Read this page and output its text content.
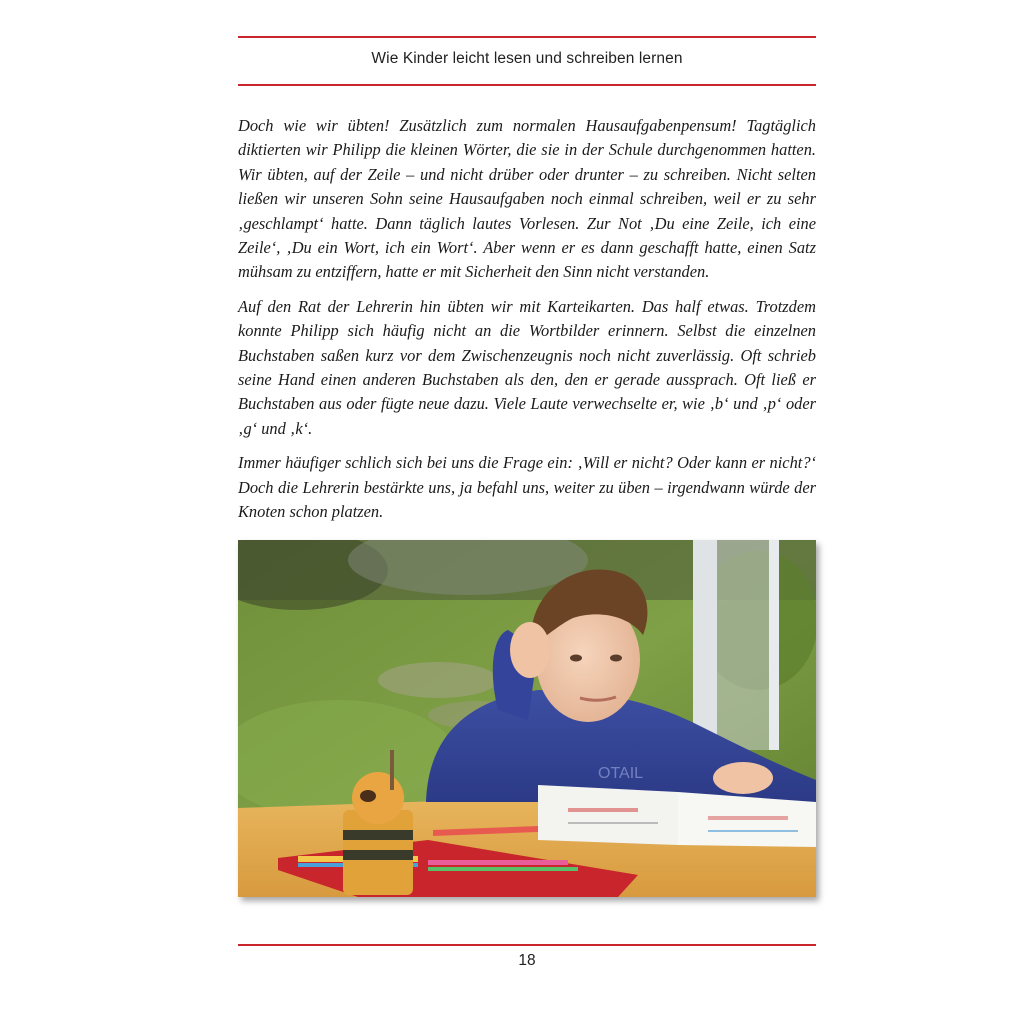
Wie Kinder leicht lesen und schreiben lernen

Doch wie wir übten! Zusätzlich zum normalen Hausaufgabenpensum! Tagtäglich diktierten wir Philipp die kleinen Wörter, die sie in der Schule durchgenommen hatten. Wir übten, auf der Zeile – und nicht drüber oder drunter – zu schreiben. Nicht selten ließen wir unseren Sohn seine Hausaufgaben noch einmal schreiben, weil er zu sehr ‚geschlampt‘ hatte. Dann täglich lautes Vorlesen. Zur Not ‚Du eine Zeile, ich eine Zeile‘, ‚Du ein Wort, ich ein Wort‘. Aber wenn er es dann geschafft hatte, einen Satz mühsam zu entziffern, hatte er mit Sicherheit den Sinn nicht verstanden.

Auf den Rat der Lehrerin hin übten wir mit Karteikarten. Das half etwas. Trotzdem konnte Philipp sich häufig nicht an die Wortbilder erinnern. Selbst die einzelnen Buchstaben saßen kurz vor dem Zwischenzeugnis noch nicht zuverlässig. Oft schrieb seine Hand einen anderen Buchstaben als den, den er gerade aussprach. Oft ließ er Buchstaben aus oder fügte neue dazu. Viele Laute verwechselte er, wie ‚b‘ und ‚p‘ oder ‚g‘ und ‚k‘.

Immer häufiger schlich sich bei uns die Frage ein: ‚Will er nicht? Oder kann er nicht?‘ Doch die Lehrerin bestärkte uns, ja befahl uns, weiter zu üben – irgendwann würde der Knoten schon platzen.

OTAIL
18
